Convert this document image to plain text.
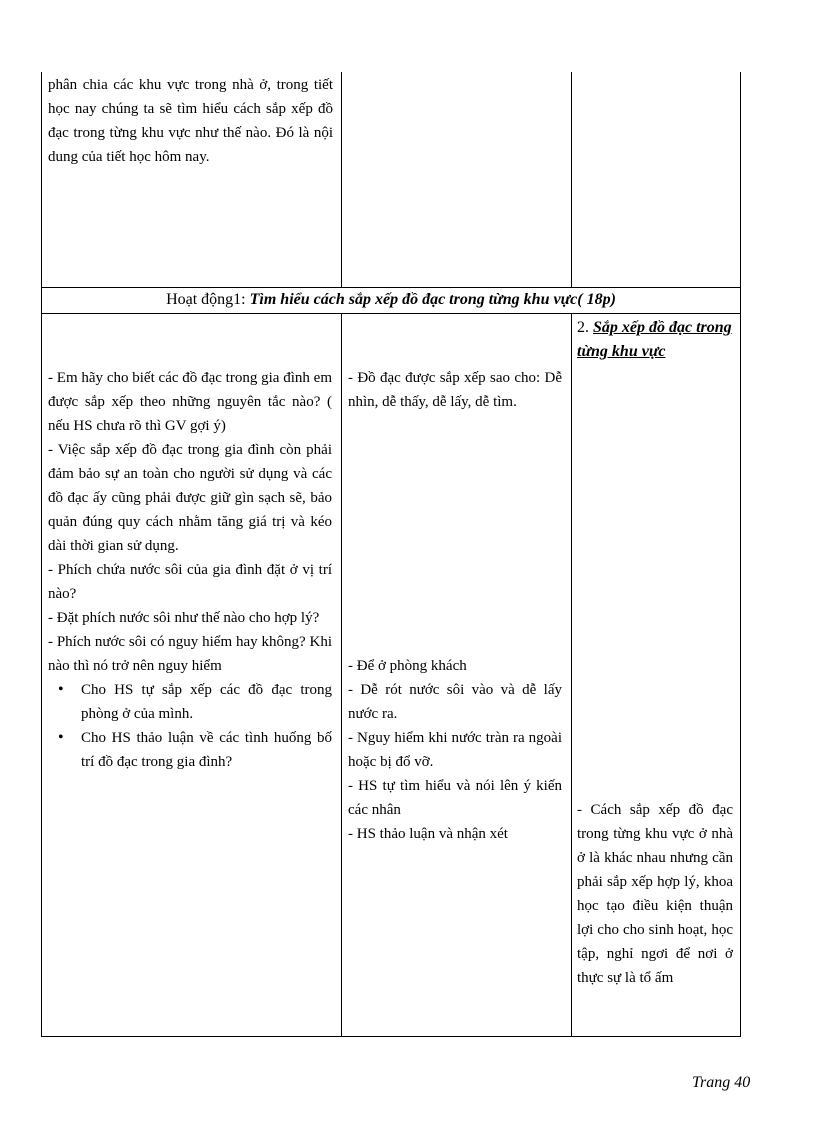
phân chia các khu vực trong nhà ở, trong tiết học nay chúng ta sẽ tìm hiểu cách sắp xếp đồ đạc trong từng khu vực như thế nào. Đó là nội dung của tiết học hôm nay.
Hoạt động1: Tìm hiểu cách sắp xếp đồ đạc trong từng khu vực( 18p)
2. Sắp xếp đồ đạc trong từng khu vực

- Em hãy cho biết các đồ đạc trong gia đình em được sắp xếp theo những nguyên tắc nào? ( nếu HS chưa rõ thì GV gợi ý)

- Việc sắp xếp đồ đạc trong gia đình còn phải đảm bảo sự an toàn cho người sử dụng và các đồ đạc ấy cũng phải được giữ gìn sạch sẽ, bảo quản đúng quy cách nhằm tăng giá trị và kéo dài thời gian sử dụng.

- Phích chứa nước sôi của gia đình đặt ở vị trí nào?

- Đặt phích nước sôi như thế nào cho hợp lý?

- Phích nước sôi có nguy hiểm hay không? Khi nào thì nó trở nên nguy hiểm

• Cho HS tự sắp xếp các đồ đạc trong phòng ở của mình.
• Cho HS thảo luận về các tình huống bố trí đồ đạc trong gia đình?
- Đồ đạc được sắp xếp sao cho: Dễ nhìn, dễ thấy, dễ lấy, dễ tìm.

- Để ở phòng khách

- Dễ rót nước sôi vào và dễ lấy nước ra.

- Nguy hiểm khi nước tràn ra ngoài hoặc bị đổ vỡ.

- HS tự tìm hiểu và nói lên ý kiến các nhân

- HS thảo luận và nhận xét

- Cách sắp xếp đồ đạc trong từng khu vực ở nhà ở là khác nhau nhưng cần phải sắp xếp hợp lý, khoa học tạo điều kiện thuận lợi cho cho sinh hoạt, học tập, nghỉ ngơi để nơi ở thực sự là tổ ấm
Trang 40
